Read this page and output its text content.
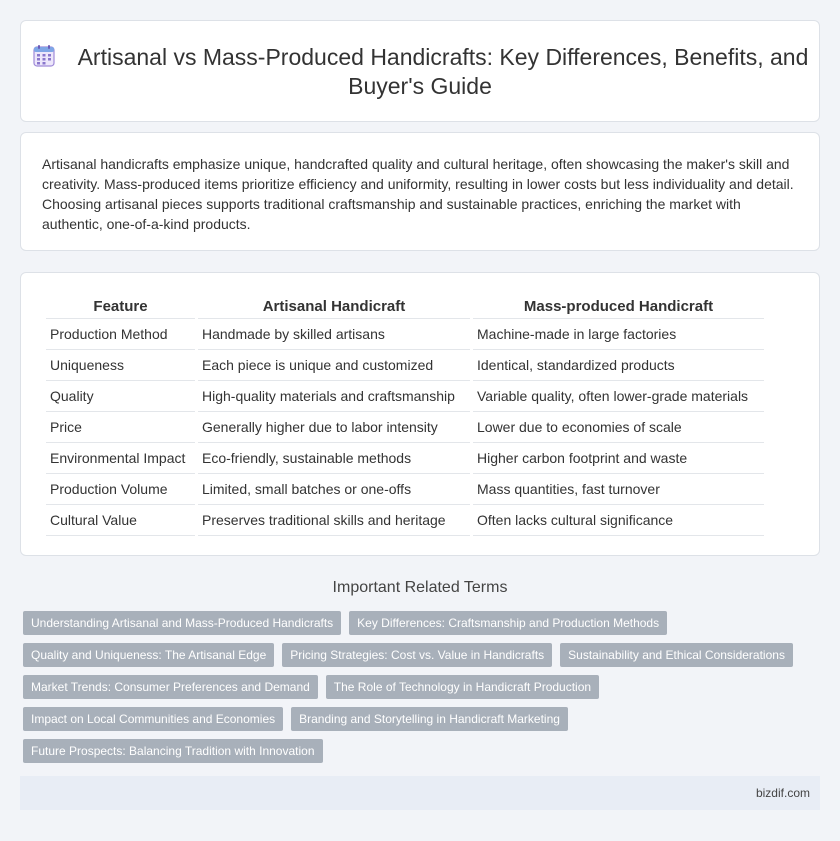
Artisanal vs Mass-Produced Handicrafts: Key Differences, Benefits, and Buyer's Guide

Artisanal handicrafts emphasize unique, handcrafted quality and cultural heritage, often showcasing the maker's skill and creativity. Mass-produced items prioritize efficiency and uniformity, resulting in lower costs but less individuality and detail. Choosing artisanal pieces supports traditional craftsmanship and sustainable practices, enriching the market with authentic, one-of-a-kind products.

Feature	Artisanal Handicraft	Mass-produced Handicraft
Production Method	Handmade by skilled artisans	Machine-made in large factories
Uniqueness	Each piece is unique and customized	Identical, standardized products
Quality	High-quality materials and craftsmanship	Variable quality, often lower-grade materials
Price	Generally higher due to labor intensity	Lower due to economies of scale
Environmental Impact	Eco-friendly, sustainable methods	Higher carbon footprint and waste
Production Volume	Limited, small batches or one-offs	Mass quantities, fast turnover
Cultural Value	Preserves traditional skills and heritage	Often lacks cultural significance
Important Related Terms
Understanding Artisanal and Mass-Produced Handicrafts	Key Differences: Craftsmanship and Production Methods
Quality and Uniqueness: The Artisanal Edge	Pricing Strategies: Cost vs. Value in Handicrafts	Sustainability and Ethical Considerations
Market Trends: Consumer Preferences and Demand	The Role of Technology in Handicraft Production
Impact on Local Communities and Economies	Branding and Storytelling in Handicraft Marketing
Future Prospects: Balancing Tradition with Innovation
bizdif.com
